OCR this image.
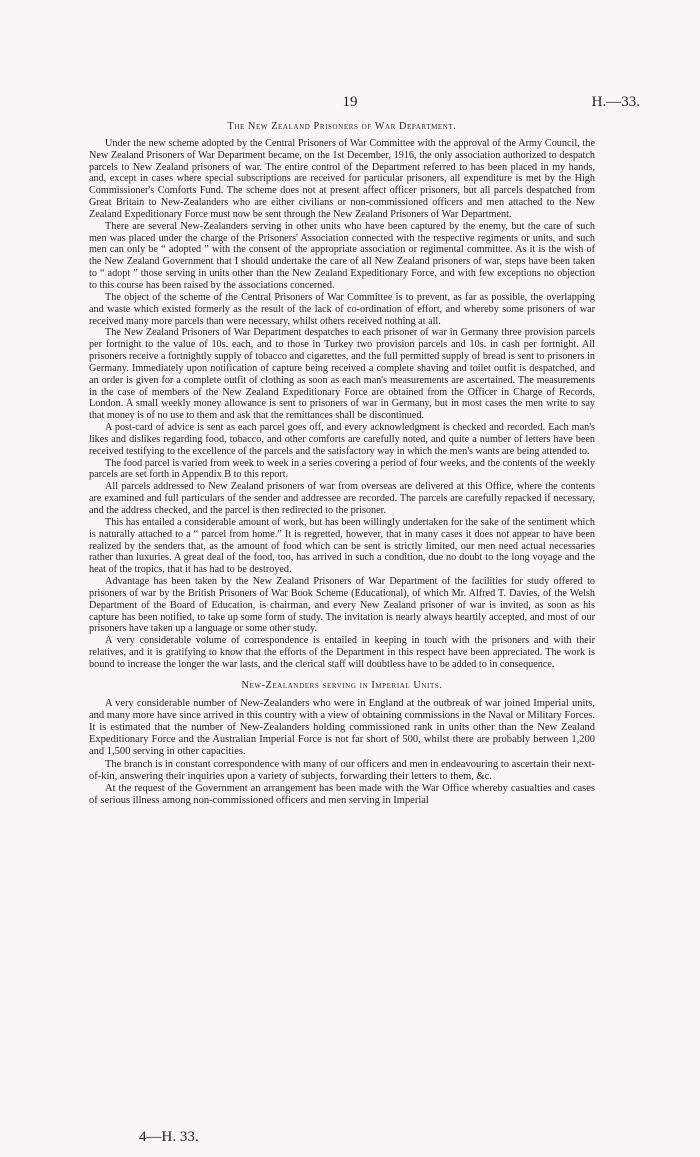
19	H.—33.
The New Zealand Prisoners of War Department.

Under the new scheme adopted by the Central Prisoners of War Committee with the approval of the Army Council, the New Zealand Prisoners of War Department became, on the 1st December, 1916, the only association authorized to despatch parcels to New Zealand prisoners of war. The entire control of the Department referred to has been placed in my hands, and, except in cases where special subscriptions are received for particular prisoners, all expenditure is met by the High Commissioner's Comforts Fund. The scheme does not at present affect officer prisoners, but all parcels despatched from Great Britain to New-Zealanders who are either civilians or non-commissioned officers and men attached to the New Zealand Expeditionary Force must now be sent through the New Zealand Prisoners of War Department.

There are several New-Zealanders serving in other units who have been captured by the enemy, but the care of such men was placed under the charge of the Prisoners' Association connected with the respective regiments or units, and such men can only be “ adopted ” with the consent of the appropriate association or regimental committee. As it is the wish of the New Zealand Government that I should undertake the care of all New Zealand prisoners of war, steps have been taken to “ adopt ” those serving in units other than the New Zealand Expeditionary Force, and with few exceptions no objection to this course has been raised by the associations concerned.

The object of the scheme of the Central Prisoners of War Committee is to prevent, as far as possible, the overlapping and waste which existed formerly as the result of the lack of co-ordination of effort, and whereby some prisoners of war received many more parcels than were necessary, whilst others received nothing at all.

The New Zealand Prisoners of War Department despatches to each prisoner of war in Germany three provision parcels per fortnight to the value of 10s. each, and to those in Turkey two provision parcels and 10s. in cash per fortnight. All prisoners receive a fortnightly supply of tobacco and cigarettes, and the full permitted supply of bread is sent to prisoners in Germany. Immediately upon notification of capture being received a complete shaving and toilet outfit is despatched, and an order is given for a complete outfit of clothing as soon as each man's measurements are ascertained. The measurements in the case of members of the New Zealand Expeditionary Force are obtained from the Officer in Charge of Records, London. A small weekly money allowance is sent to prisoners of war in Germany, but in most cases the men write to say that money is of no use to them and ask that the remittances shall be discontinued.

A post-card of advice is sent as each parcel goes off, and every acknowledgment is checked and recorded. Each man's likes and dislikes regarding food, tobacco, and other comforts are carefully noted, and quite a number of letters have been received testifying to the excellence of the parcels and the satisfactory way in which the men's wants are being attended to.

The food parcel is varied from week to week in a series covering a period of four weeks, and the contents of the weekly parcels are set forth in Appendix B to this report.

All parcels addressed to New Zealand prisoners of war from overseas are delivered at this Office, where the contents are examined and full particulars of the sender and addressee are recorded. The parcels are carefully repacked if necessary, and the address checked, and the parcel is then redirected to the prisoner.

This has entailed a considerable amount of work, but has been willingly undertaken for the sake of the sentiment which is naturally attached to a “ parcel from home.” It is regretted, however, that in many cases it does not appear to have been realized by the senders that, as the amount of food which can be sent is strictly limited, our men need actual necessaries rather than luxuries. A great deal of the food, too, has arrived in such a condition, due no doubt to the long voyage and the heat of the tropics, that it has had to be destroyed.

Advantage has been taken by the New Zealand Prisoners of War Department of the facilities for study offered to prisoners of war by the British Prisoners of War Book Scheme (Educational), of which Mr. Alfred T. Davies, of the Welsh Department of the Board of Education, is chairman, and every New Zealand prisoner of war is invited, as soon as his capture has been notified, to take up some form of study. The invitation is nearly always heartily accepted, and most of our prisoners have taken up a language or some other study.

A very considerable volume of correspondence is entailed in keeping in touch with the prisoners and with their relatives, and it is gratifying to know that the efforts of the Department in this respect have been appreciated. The work is bound to increase the longer the war lasts, and the clerical staff will doubtless have to be added to in consequence.

New-Zealanders serving in Imperial Units.

A very considerable number of New-Zealanders who were in England at the outbreak of war joined Imperial units, and many more have since arrived in this country with a view of obtaining commissions in the Naval or Military Forces. It is estimated that the number of New-Zealanders holding commissioned rank in units other than the New Zealand Expeditionary Force and the Australian Imperial Force is not far short of 500, whilst there are probably between 1,200 and 1,500 serving in other capacities.

The branch is in constant correspondence with many of our officers and men in endeavouring to ascertain their next-of-kin, answering their inquiries upon a variety of subjects, forwarding their letters to them, &c.

At the request of the Government an arrangement has been made with the War Office whereby casualties and cases of serious illness among non-commissioned officers and men serving in Imperial

4—H. 33.
